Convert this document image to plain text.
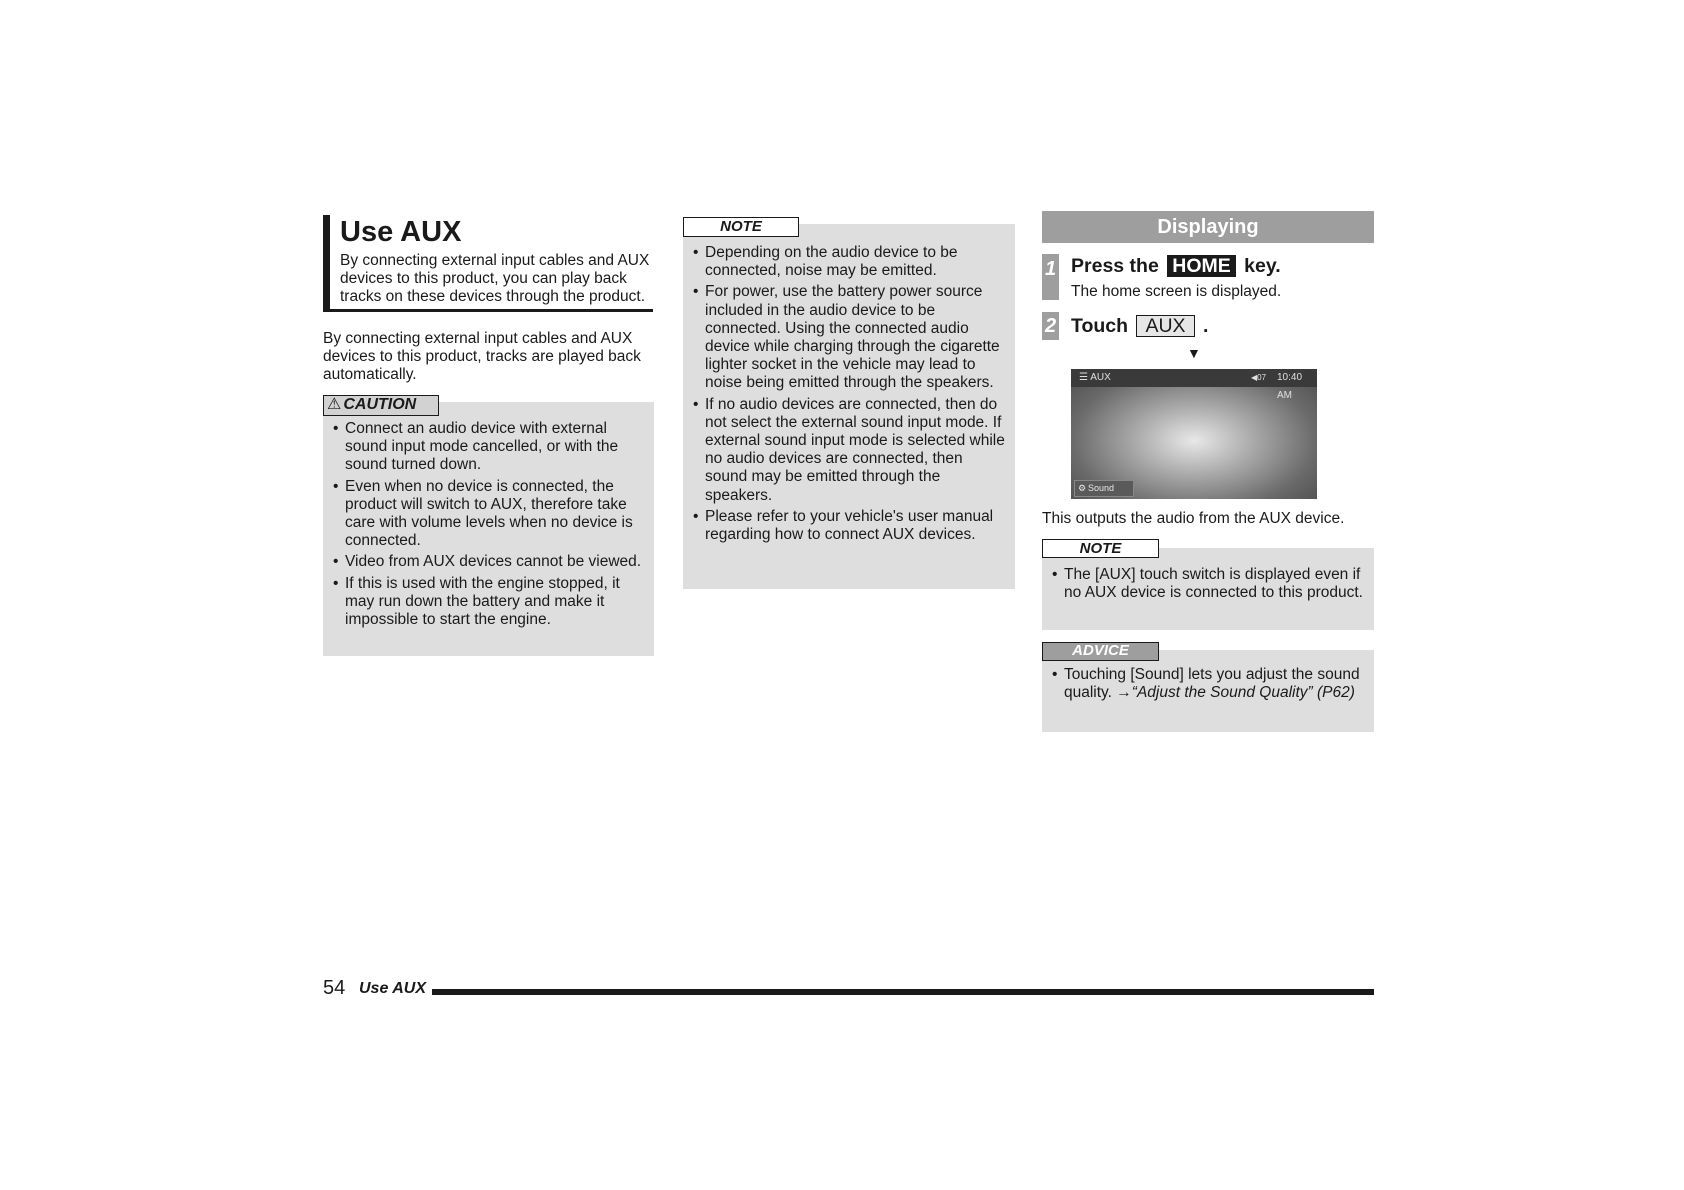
Use AUX
By connecting external input cables and AUX devices to this product, you can play back tracks on these devices through the product.
By connecting external input cables and AUX devices to this product, tracks are played back automatically.
• Connect an audio device with external sound input mode cancelled, or with the sound turned down.
• Even when no device is connected, the product will switch to AUX, therefore take care with volume levels when no device is connected.
• Video from AUX devices cannot be viewed.
• If this is used with the engine stopped, it may run down the battery and make it impossible to start the engine.
⚠ CAUTION
• Depending on the audio device to be connected, noise may be emitted.
• For power, use the battery power source included in the audio device to be connected. Using the connected audio device while charging through the cigarette lighter socket in the vehicle may lead to noise being emitted through the speakers.
• If no audio devices are connected, then do not select the external sound input mode. If external sound input mode is selected while no audio devices are connected, then sound may be emitted through the speakers.
• Please refer to your vehicle's user manual regarding how to connect AUX devices.
NOTE	Displaying
1 Press the HOME key.
The home screen is displayed.
2 Touch AUX .
▼
☰ AUX	◀07 10:40 AM
⚙ Sound
This outputs the audio from the AUX device.
• The [AUX] touch switch is displayed even if no AUX device is connected to this product.
NOTE
• Touching [Sound] lets you adjust the sound quality. →“Adjust the Sound Quality” (P62)
ADVICE
54 Use AUX
